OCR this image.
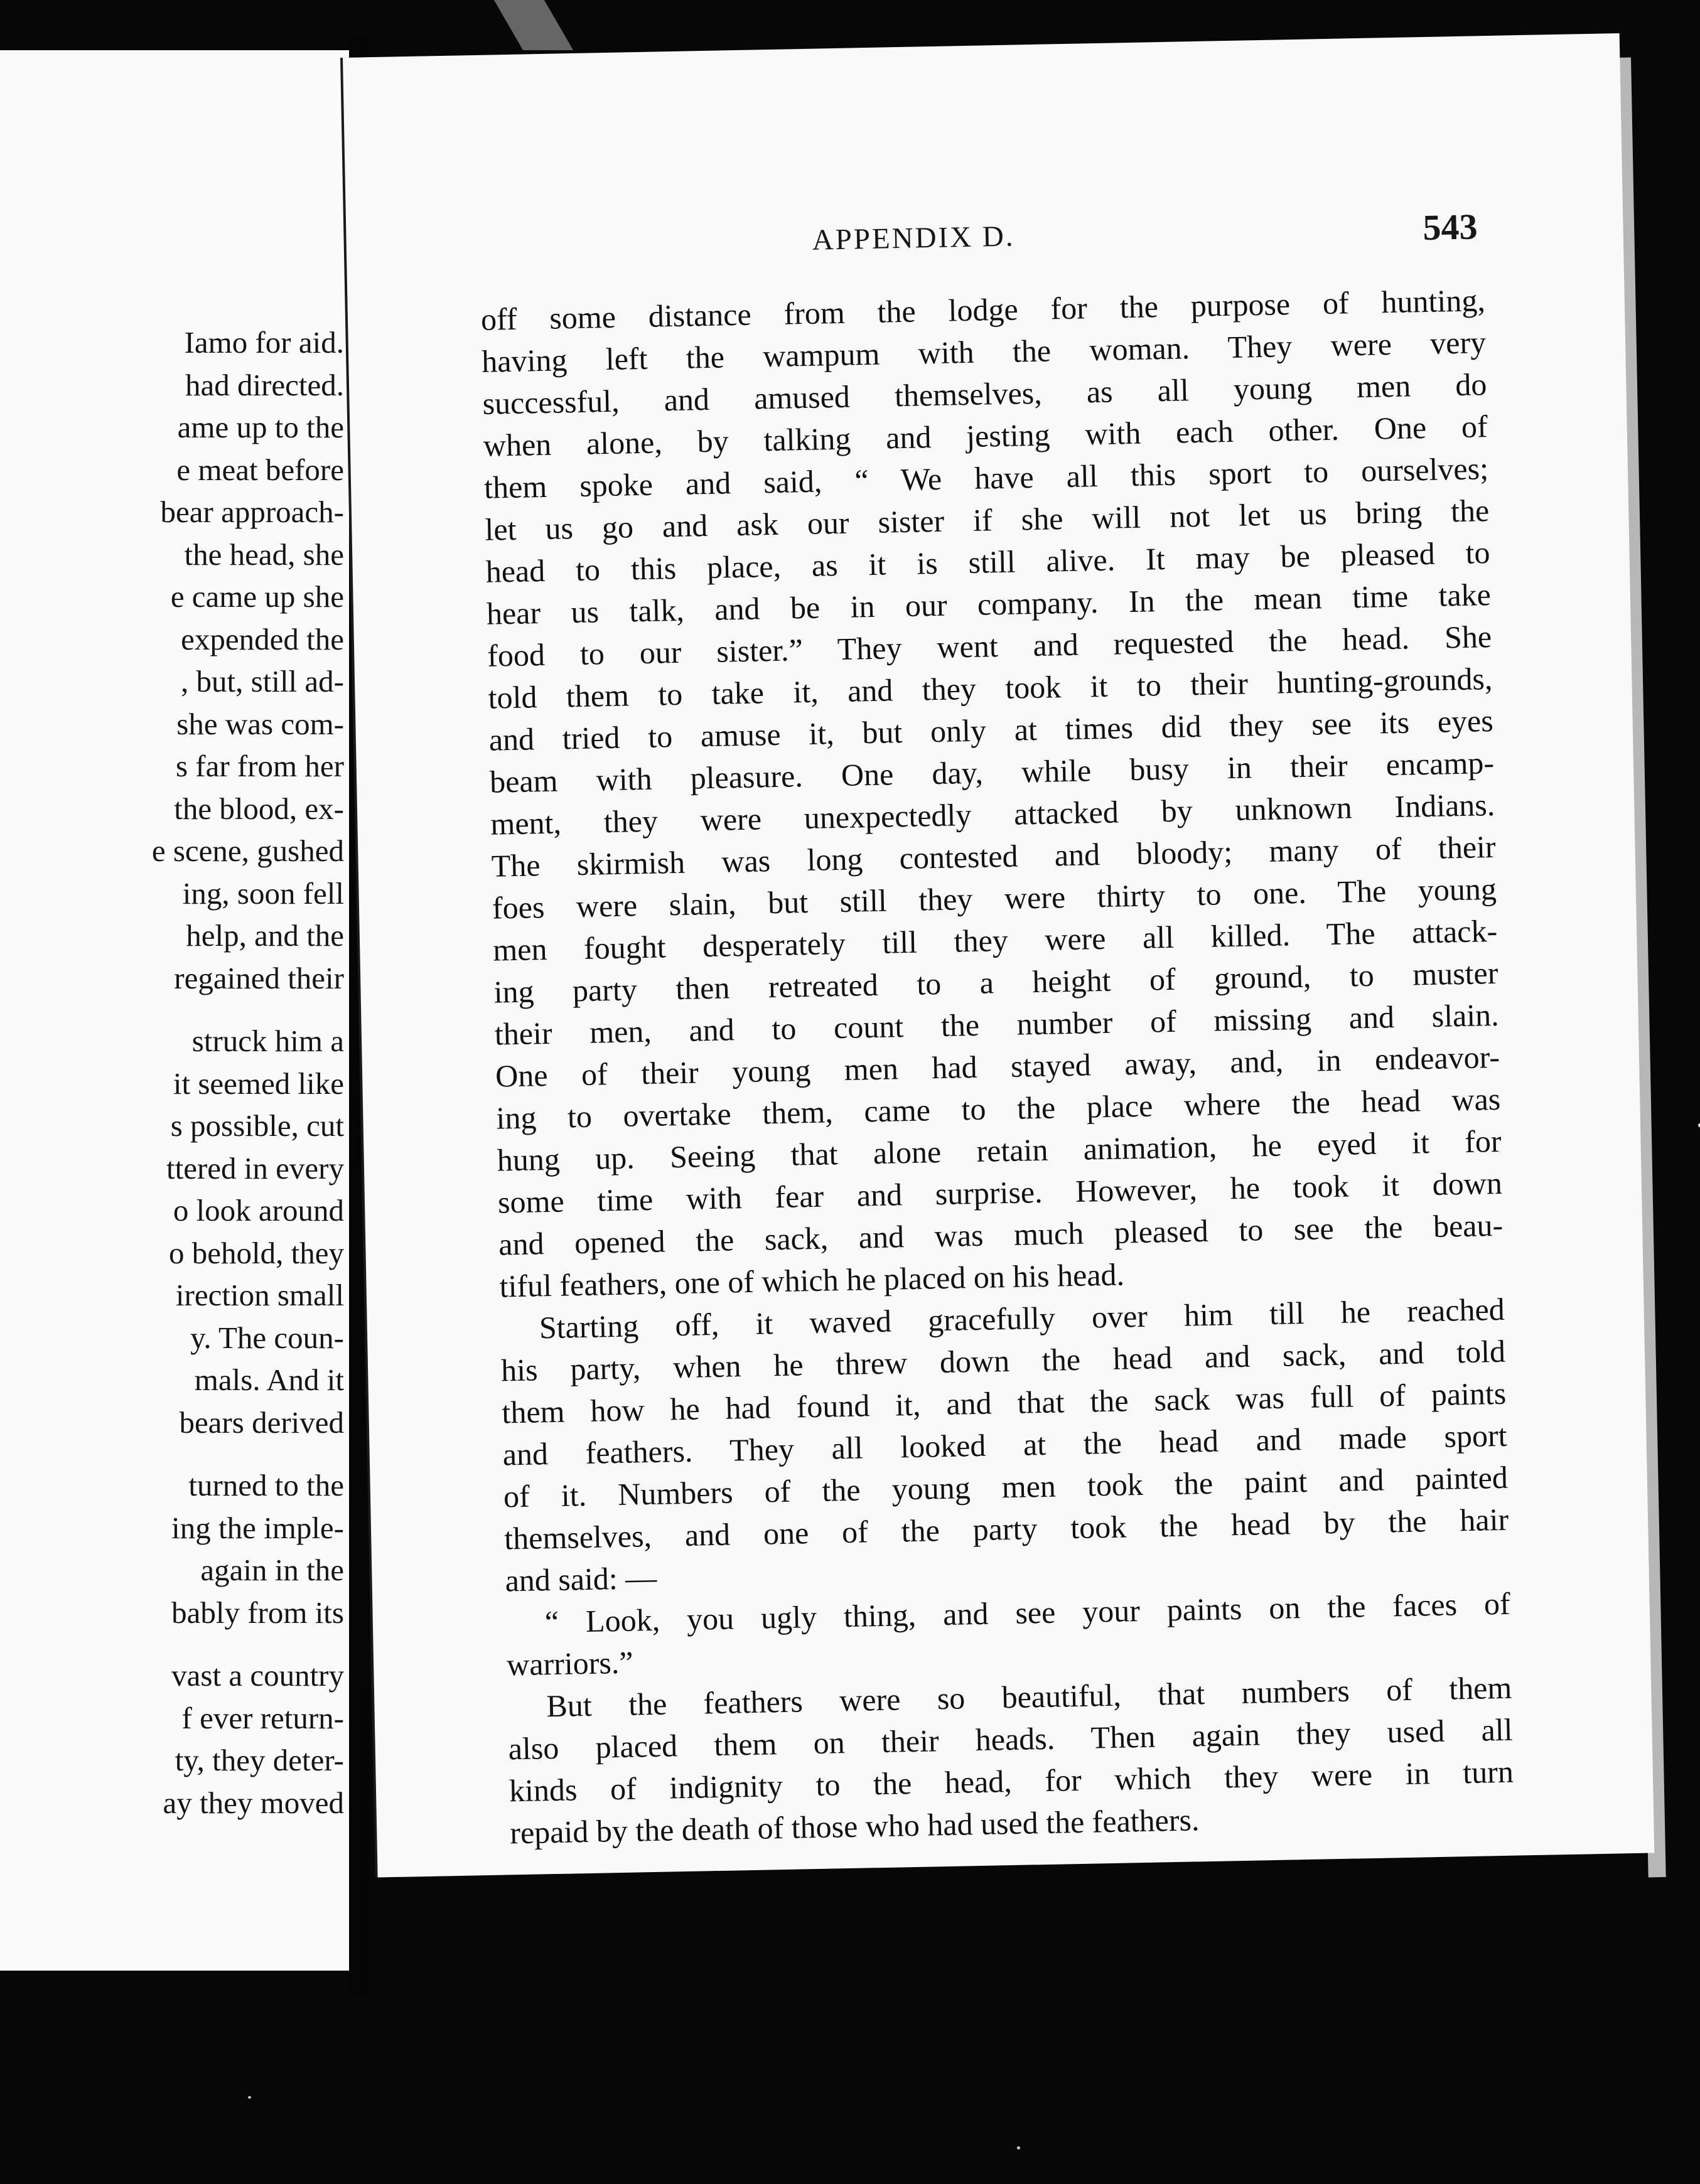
Iamo for aid.
had directed.
ame up to the
e meat before
bear approach-
the head, she
e came up she
expended the
, but, still ad-
she was com-
s far from her
the blood, ex-
e scene, gushed
ing, soon fell
help, and the
regained their
struck him a
it seemed like
s possible, cut
ttered in every
o look around
o behold, they
irection small
y. The coun-
mals. And it
bears derived
turned to the
ing the imple-
again in the
bably from its
vast a country
f ever return-
ty, they deter-
ay they moved
APPENDIX D.	543
off some distance from the lodge for the purpose of hunting,
having left the wampum with the woman. They were very
successful, and amused themselves, as all young men do
when alone, by talking and jesting with each other. One of
them spoke and said, “ We have all this sport to ourselves;
let us go and ask our sister if she will not let us bring the
head to this place, as it is still alive. It may be pleased to
hear us talk, and be in our company. In the mean time take
food to our sister.” They went and requested the head. She
told them to take it, and they took it to their hunting-grounds,
and tried to amuse it, but only at times did they see its eyes
beam with pleasure. One day, while busy in their encamp-
ment, they were unexpectedly attacked by unknown Indians.
The skirmish was long contested and bloody; many of their
foes were slain, but still they were thirty to one. The young
men fought desperately till they were all killed. The attack-
ing party then retreated to a height of ground, to muster
their men, and to count the number of missing and slain.
One of their young men had stayed away, and, in endeavor-
ing to overtake them, came to the place where the head was
hung up. Seeing that alone retain animation, he eyed it for
some time with fear and surprise. However, he took it down
and opened the sack, and was much pleased to see the beau-
tiful feathers, one of which he placed on his head.
Starting off, it waved gracefully over him till he reached
his party, when he threw down the head and sack, and told
them how he had found it, and that the sack was full of paints
and feathers. They all looked at the head and made sport
of it. Numbers of the young men took the paint and painted
themselves, and one of the party took the head by the hair
and said: —
“ Look, you ugly thing, and see your paints on the faces of
warriors.”
But the feathers were so beautiful, that numbers of them
also placed them on their heads. Then again they used all
kinds of indignity to the head, for which they were in turn
repaid by the death of those who had used the feathers.
